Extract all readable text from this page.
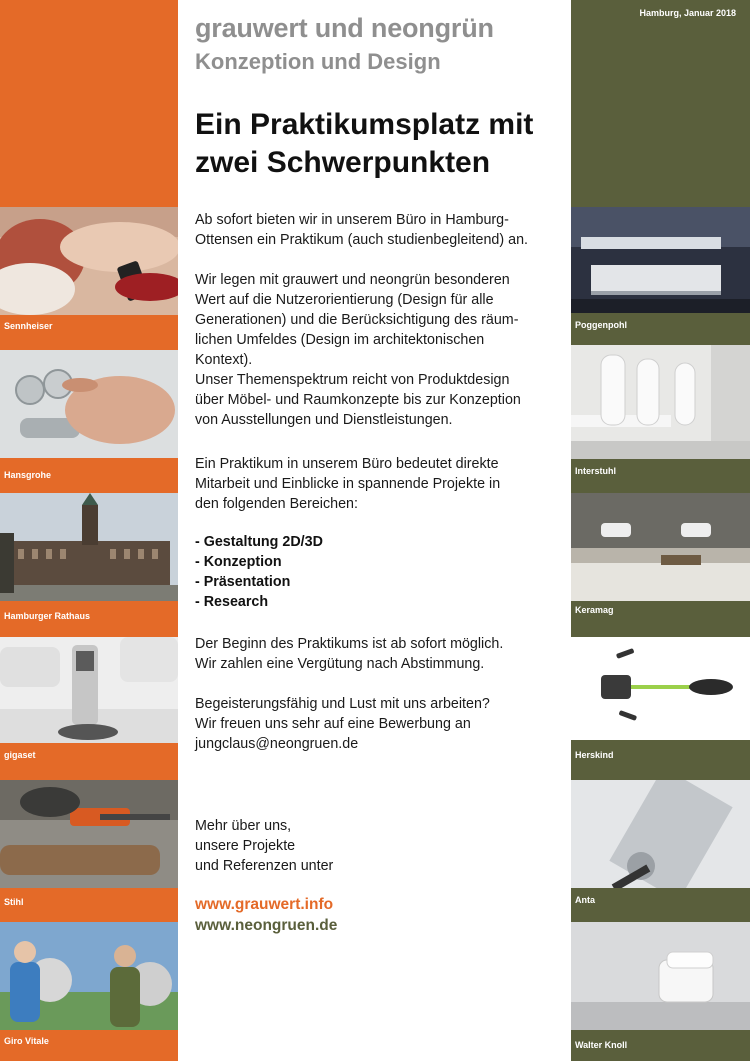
Sennheiser
Hansgrohe
Hamburger Rathaus
gigaset
Stihl
Giro Vitale
grauwert und neongrün
Konzeption und Design
Ein Praktikumsplatz mit
zwei Schwerpunkten
Ab sofort bieten wir in unserem Büro in Hamburg-
Ottensen ein Praktikum (auch studienbegleitend) an.
Wir legen mit grauwert und neongrün besonderen
Wert auf die Nutzerorientierung (Design für alle
Generationen) und die Berücksichtigung des räum-
lichen Umfeldes (Design im architektonischen
Kontext).
Unser Themenspektrum reicht von Produktdesign
über Möbel- und Raumkonzepte bis zur Konzeption
von Ausstellungen und Dienstleistungen.
Ein Praktikum in unserem Büro bedeutet direkte
Mitarbeit und Einblicke in spannende Projekte in
den folgenden Bereichen:
- Gestaltung 2D/3D
- Konzeption
- Präsentation
- Research
Der Beginn des Praktikums ist ab sofort möglich.
Wir zahlen eine Vergütung nach Abstimmung.
Begeisterungsfähig und Lust mit uns arbeiten?
Wir freuen uns sehr auf eine Bewerbung an
jungclaus@neongruen.de
Mehr über uns,
unsere Projekte
und Referenzen unter
www.grauwert.info
www.neongruen.de
Hamburg, Januar 2018
Poggenpohl
Interstuhl
Keramag
Herskind
Anta
Walter Knoll
